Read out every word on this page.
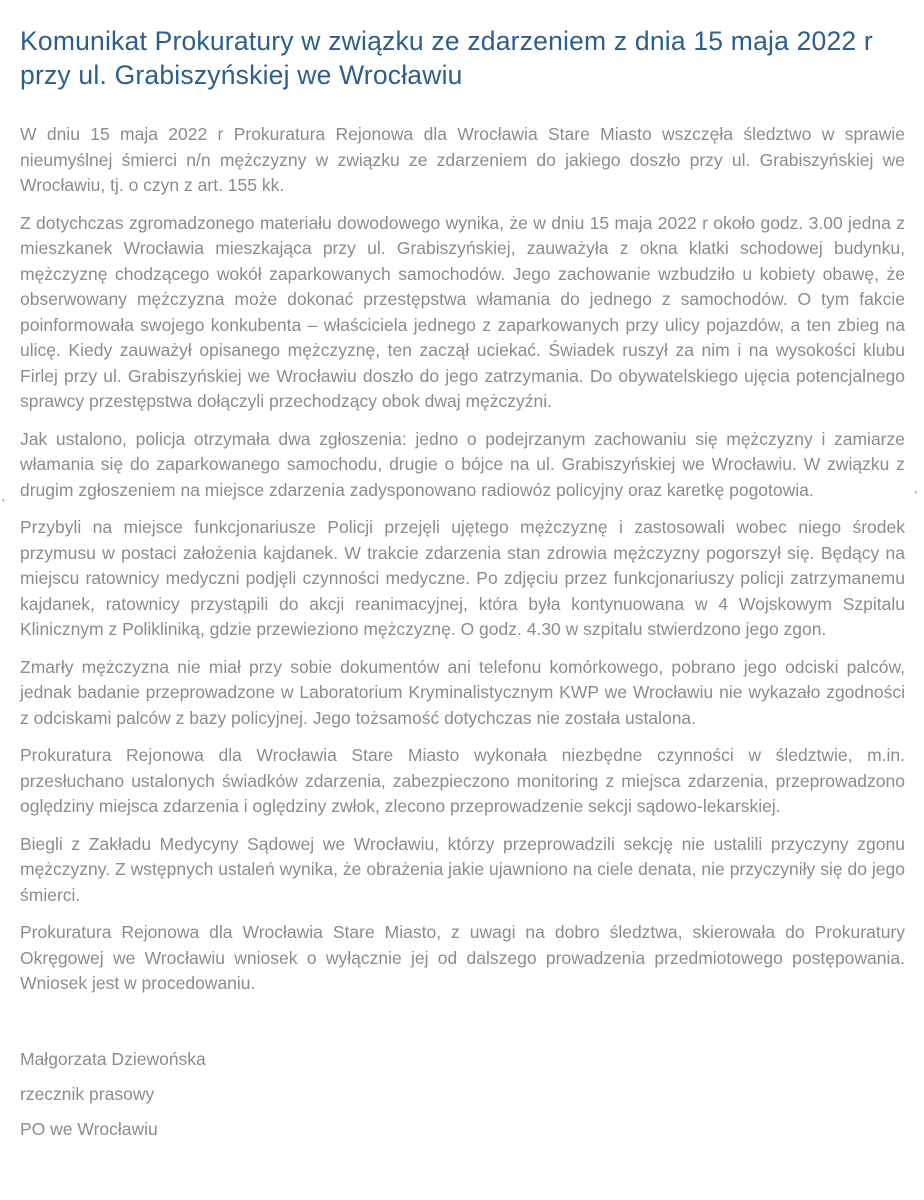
Komunikat Prokuratury w związku ze zdarzeniem z dnia 15 maja 2022 r przy ul. Grabiszyńskiej we Wrocławiu

W dniu 15 maja 2022 r Prokuratura Rejonowa dla Wrocławia Stare Miasto wszczęła śledztwo w sprawie nieumyślnej śmierci n/n mężczyzny w związku ze zdarzeniem do jakiego doszło przy ul. Grabiszyńskiej we Wrocławiu, tj. o czyn z art. 155 kk.

Z dotychczas zgromadzonego materiału dowodowego wynika, że w dniu 15 maja 2022 r około godz. 3.00 jedna z mieszkanek Wrocławia mieszkająca przy ul. Grabiszyńskiej, zauważyła z okna klatki schodowej budynku, mężczyznę chodzącego wokół zaparkowanych samochodów. Jego zachowanie wzbudziło u kobiety obawę, że obserwowany mężczyzna może dokonać przestępstwa włamania do jednego z samochodów. O tym fakcie poinformowała swojego konkubenta – właściciela jednego z zaparkowanych przy ulicy pojazdów, a ten zbieg na ulicę. Kiedy zauważył opisanego mężczyznę, ten zaczął uciekać. Świadek ruszył za nim i na wysokości klubu Firlej przy ul. Grabiszyńskiej we Wrocławiu doszło do jego zatrzymania. Do obywatelskiego ujęcia potencjalnego sprawcy przestępstwa dołączyli przechodzący obok dwaj mężczyźni.

Jak ustalono, policja otrzymała dwa zgłoszenia: jedno o podejrzanym zachowaniu się mężczyzny i zamiarze włamania się do zaparkowanego samochodu, drugie o bójce na ul. Grabiszyńskiej we Wrocławiu. W związku z drugim zgłoszeniem na miejsce zdarzenia zadysponowano radiowóz policyjny oraz karetkę pogotowia.

Przybyli na miejsce funkcjonariusze Policji przejęli ujętego mężczyznę i zastosowali wobec niego środek przymusu w postaci założenia kajdanek. W trakcie zdarzenia stan zdrowia mężczyzny pogorszył się. Będący na miejscu ratownicy medyczni podjęli czynności medyczne. Po zdjęciu przez funkcjonariuszy policji zatrzymanemu kajdanek, ratownicy przystąpili do akcji reanimacyjnej, która była kontynuowana w 4 Wojskowym Szpitalu Klinicznym z Polikliniką, gdzie przewieziono mężczyznę. O godz. 4.30 w szpitalu stwierdzono jego zgon.

Zmarły mężczyzna nie miał przy sobie dokumentów ani telefonu komórkowego, pobrano jego odciski palców, jednak badanie przeprowadzone w Laboratorium Kryminalistycznym KWP we Wrocławiu nie wykazało zgodności z odciskami palców z bazy policyjnej. Jego tożsamość dotychczas nie została ustalona.

Prokuratura Rejonowa dla Wrocławia Stare Miasto wykonała niezbędne czynności w śledztwie, m.in. przesłuchano ustalonych świadków zdarzenia, zabezpieczono monitoring z miejsca zdarzenia, przeprowadzono oględziny miejsca zdarzenia i oględziny zwłok, zlecono przeprowadzenie sekcji sądowo-lekarskiej.

Biegli z Zakładu Medycyny Sądowej we Wrocławiu, którzy przeprowadzili sekcję nie ustalili przyczyny zgonu mężczyzny. Z wstępnych ustaleń wynika, że obrażenia jakie ujawniono na ciele denata, nie przyczyniły się do jego śmierci.

Prokuratura Rejonowa dla Wrocławia Stare Miasto, z uwagi na dobro śledztwa, skierowała do Prokuratury Okręgowej we Wrocławiu wniosek o wyłącznie jej od dalszego prowadzenia przedmiotowego postępowania. Wniosek jest w procedowaniu.

Małgorzata Dziewońska

rzecznik prasowy

PO we Wrocławiu

'
'
